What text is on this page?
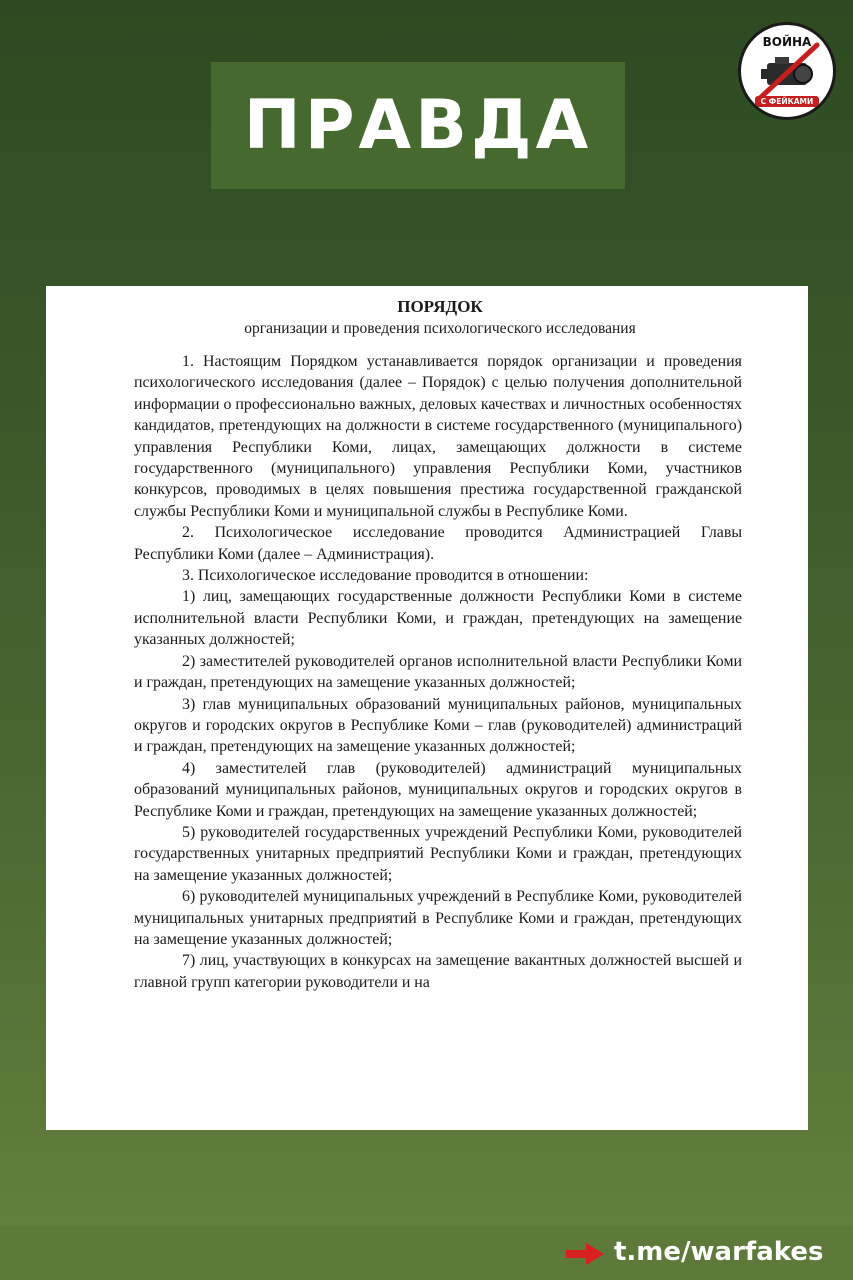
ПРАВДА
ВОЙНА
С ФЕЙКАМИ
ПОРЯДОК
организации и проведения психологического исследования

1. Настоящим Порядком устанавливается порядок организации и проведения психологического исследования (далее – Порядок) с целью получения дополнительной информации о профессионально важных, деловых качествах и личностных особенностях кандидатов, претендующих на должности в системе государственного (муниципального) управления Республики Коми, лицах, замещающих должности в системе государственного (муниципального) управления Республики Коми, участников конкурсов, проводимых в целях повышения престижа государственной гражданской службы Республики Коми и муниципальной службы в Республике Коми.

2. Психологическое исследование проводится Администрацией Главы Республики Коми (далее – Администрация).

3. Психологическое исследование проводится в отношении:

1) лиц, замещающих государственные должности Республики Коми в системе исполнительной власти Республики Коми, и граждан, претендующих на замещение указанных должностей;

2) заместителей руководителей органов исполнительной власти Республики Коми и граждан, претендующих на замещение указанных должностей;

3) глав муниципальных образований муниципальных районов, муниципальных округов и городских округов в Республике Коми – глав (руководителей) администраций и граждан, претендующих на замещение указанных должностей;

4) заместителей глав (руководителей) администраций муниципальных образований муниципальных районов, муниципальных округов и городских округов в Республике Коми и граждан, претендующих на замещение указанных должностей;

5) руководителей государственных учреждений Республики Коми, руководителей государственных унитарных предприятий Республики Коми и граждан, претендующих на замещение указанных должностей;

6) руководителей муниципальных учреждений в Республике Коми, руководителей муниципальных унитарных предприятий в Республике Коми и граждан, претендующих на замещение указанных должностей;

7) лиц, участвующих в конкурсах на замещение вакантных должностей высшей и главной групп категории руководители и на

t.me/warfakes
